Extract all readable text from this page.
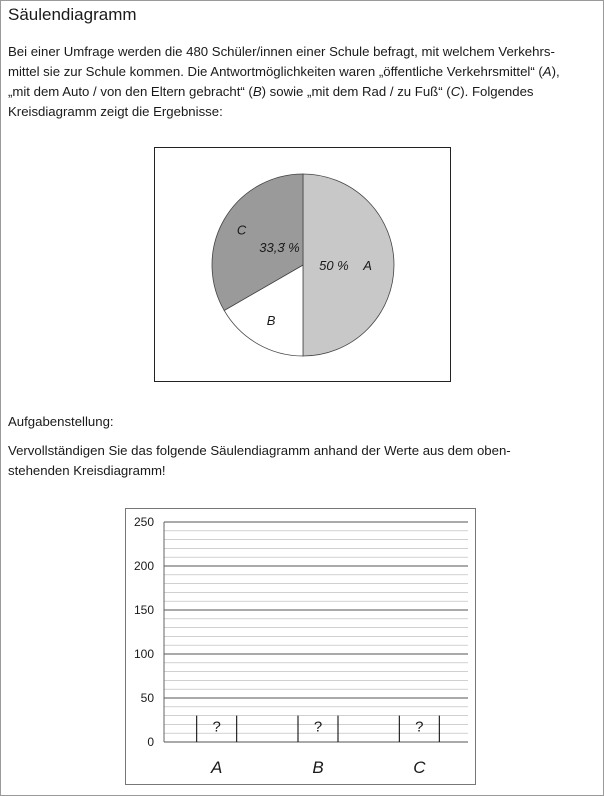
Säulendiagramm
Bei einer Umfrage werden die 480 Schüler/innen einer Schule befragt, mit welchem Verkehrs-
mittel sie zur Schule kommen. Die Antwortmöglichkeiten waren „öffentliche Verkehrsmittel“ (A),
„mit dem Auto / von den Eltern gebracht“ (B) sowie „mit dem Rad / zu Fuß“ (C). Folgendes
Kreisdiagramm zeigt die Ergebnisse:
A
50 %
B
C
33,3̇ %
Aufgabenstellung:
Vervollständigen Sie das folgende Säulendiagramm anhand der Werte aus dem oben-
stehenden Kreisdiagramm!
0
50
100
150
200
250
?
A
?
B
?
C
